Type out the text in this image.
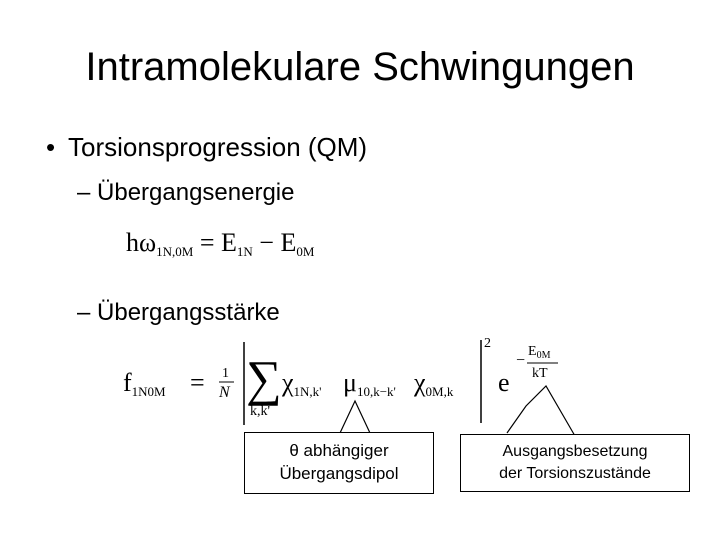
Intramolekulare Schwingungen
• Torsionsprogression (QM)
– Übergangsenergie
$h\omega_{1N,0M} = E_{1N} - E_{0M}$
– Übergangsstärke
$f_{1N0M} = 1$
N ∑
k,k'
$\chi_{1N,k'}$ $\mu_{10,k-k'}$ $\chi_{0M,k}$
2
e
−
$E_{0M}$
kT
θ abhängiger
Übergangsdipol
Ausgangsbesetzung
der Torsionszustände
